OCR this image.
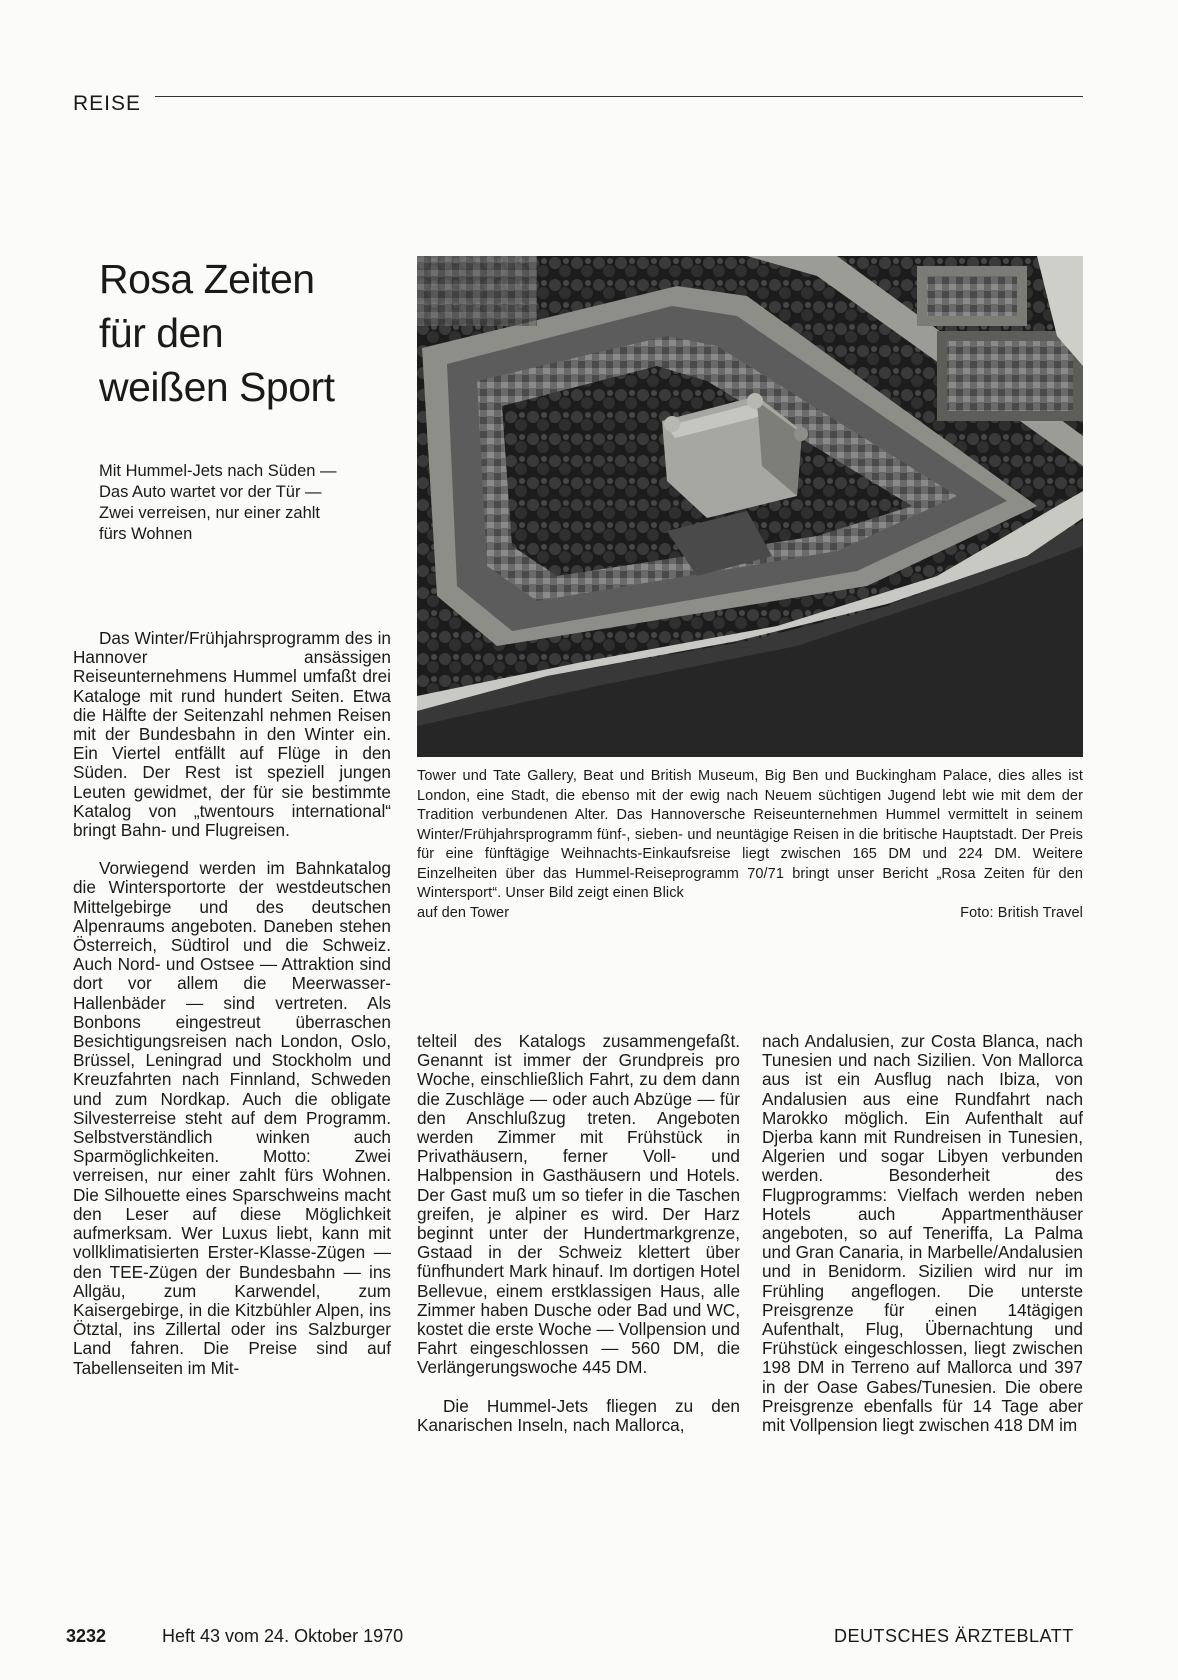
REISE
Rosa Zeiten
für den
weißen Sport
Mit Hummel-Jets nach Süden —
Das Auto wartet vor der Tür —
Zwei verreisen, nur einer zahlt
fürs Wohnen
Tower und Tate Gallery, Beat und British Museum, Big Ben und Buckingham Palace, dies alles ist London, eine Stadt, die ebenso mit der ewig nach Neuem süchtigen Jugend lebt wie mit dem der Tradition verbundenen Alter. Das Hannoversche Reiseunternehmen Hummel vermittelt in seinem Winter/Frühjahrsprogramm fünf-, sieben- und neuntägige Reisen in die britische Hauptstadt. Der Preis für eine fünftägige Weihnachts-Einkaufsreise liegt zwischen 165 DM und 224 DM. Weitere Einzelheiten über das Hummel-Reiseprogramm 70/71 bringt unser Bericht „Rosa Zeiten für den Wintersport“. Unser Bild zeigt einen Blick
auf den Tower	Foto: British Travel

Das Winter/Frühjahrsprogramm des in Hannover ansässigen Reiseunternehmens Hummel umfaßt drei Kataloge mit rund hundert Seiten. Etwa die Hälfte der Seitenzahl nehmen Reisen mit der Bundesbahn in den Winter ein. Ein Viertel entfällt auf Flüge in den Süden. Der Rest ist speziell jungen Leuten gewidmet, der für sie bestimmte Katalog von „twentours international“ bringt Bahn- und Flugreisen.

Vorwiegend werden im Bahnkatalog die Wintersportorte der westdeutschen Mittelgebirge und des deutschen Alpenraums angeboten. Daneben stehen Österreich, Südtirol und die Schweiz. Auch Nord- und Ostsee — Attraktion sind dort vor allem die Meerwasser-Hallenbäder — sind vertreten. Als Bonbons eingestreut überraschen Besichtigungsreisen nach London, Oslo, Brüssel, Leningrad und Stockholm und Kreuzfahrten nach Finnland, Schweden und zum Nordkap. Auch die obligate Silvesterreise steht auf dem Programm. Selbstverständlich winken auch Sparmöglichkeiten. Motto: Zwei verreisen, nur einer zahlt fürs Wohnen. Die Silhouette eines Sparschweins macht den Leser auf diese Möglichkeit aufmerksam. Wer Luxus liebt, kann mit vollklimatisierten Erster-Klasse-Zügen — den TEE-Zügen der Bundesbahn — ins Allgäu, zum Karwendel, zum Kaisergebirge, in die Kitzbühler Alpen, ins Ötztal, ins Zillertal oder ins Salzburger Land fahren. Die Preise sind auf Tabellenseiten im Mit-

telteil des Katalogs zusammengefaßt. Genannt ist immer der Grundpreis pro Woche, einschließlich Fahrt, zu dem dann die Zuschläge — oder auch Abzüge — für den Anschlußzug treten. Angeboten werden Zimmer mit Frühstück in Privathäusern, ferner Voll- und Halbpension in Gasthäusern und Hotels. Der Gast muß um so tiefer in die Taschen greifen, je alpiner es wird. Der Harz beginnt unter der Hundertmarkgrenze, Gstaad in der Schweiz klettert über fünfhundert Mark hinauf. Im dortigen Hotel Bellevue, einem erstklassigen Haus, alle Zimmer haben Dusche oder Bad und WC, kostet die erste Woche — Vollpension und Fahrt eingeschlossen — 560 DM, die Verlängerungswoche 445 DM.

Die Hummel-Jets fliegen zu den Kanarischen Inseln, nach Mallorca,

nach Andalusien, zur Costa Blanca, nach Tunesien und nach Sizilien. Von Mallorca aus ist ein Ausflug nach Ibiza, von Andalusien aus eine Rundfahrt nach Marokko möglich. Ein Aufenthalt auf Djerba kann mit Rundreisen in Tunesien, Algerien und sogar Libyen verbunden werden. Besonderheit des Flugprogramms: Vielfach werden neben Hotels auch Appartmenthäuser angeboten, so auf Teneriffa, La Palma und Gran Canaria, in Marbelle/Andalusien und in Benidorm. Sizilien wird nur im Frühling angeflogen. Die unterste Preisgrenze für einen 14tägigen Aufenthalt, Flug, Übernachtung und Frühstück eingeschlossen, liegt zwischen 198 DM in Terreno auf Mallorca und 397 in der Oase Gabes/Tunesien. Die obere Preisgrenze ebenfalls für 14 Tage aber mit Vollpension liegt zwischen 418 DM im

3232	Heft 43 vom 24. Oktober 1970	DEUTSCHES ÄRZTEBLATT
